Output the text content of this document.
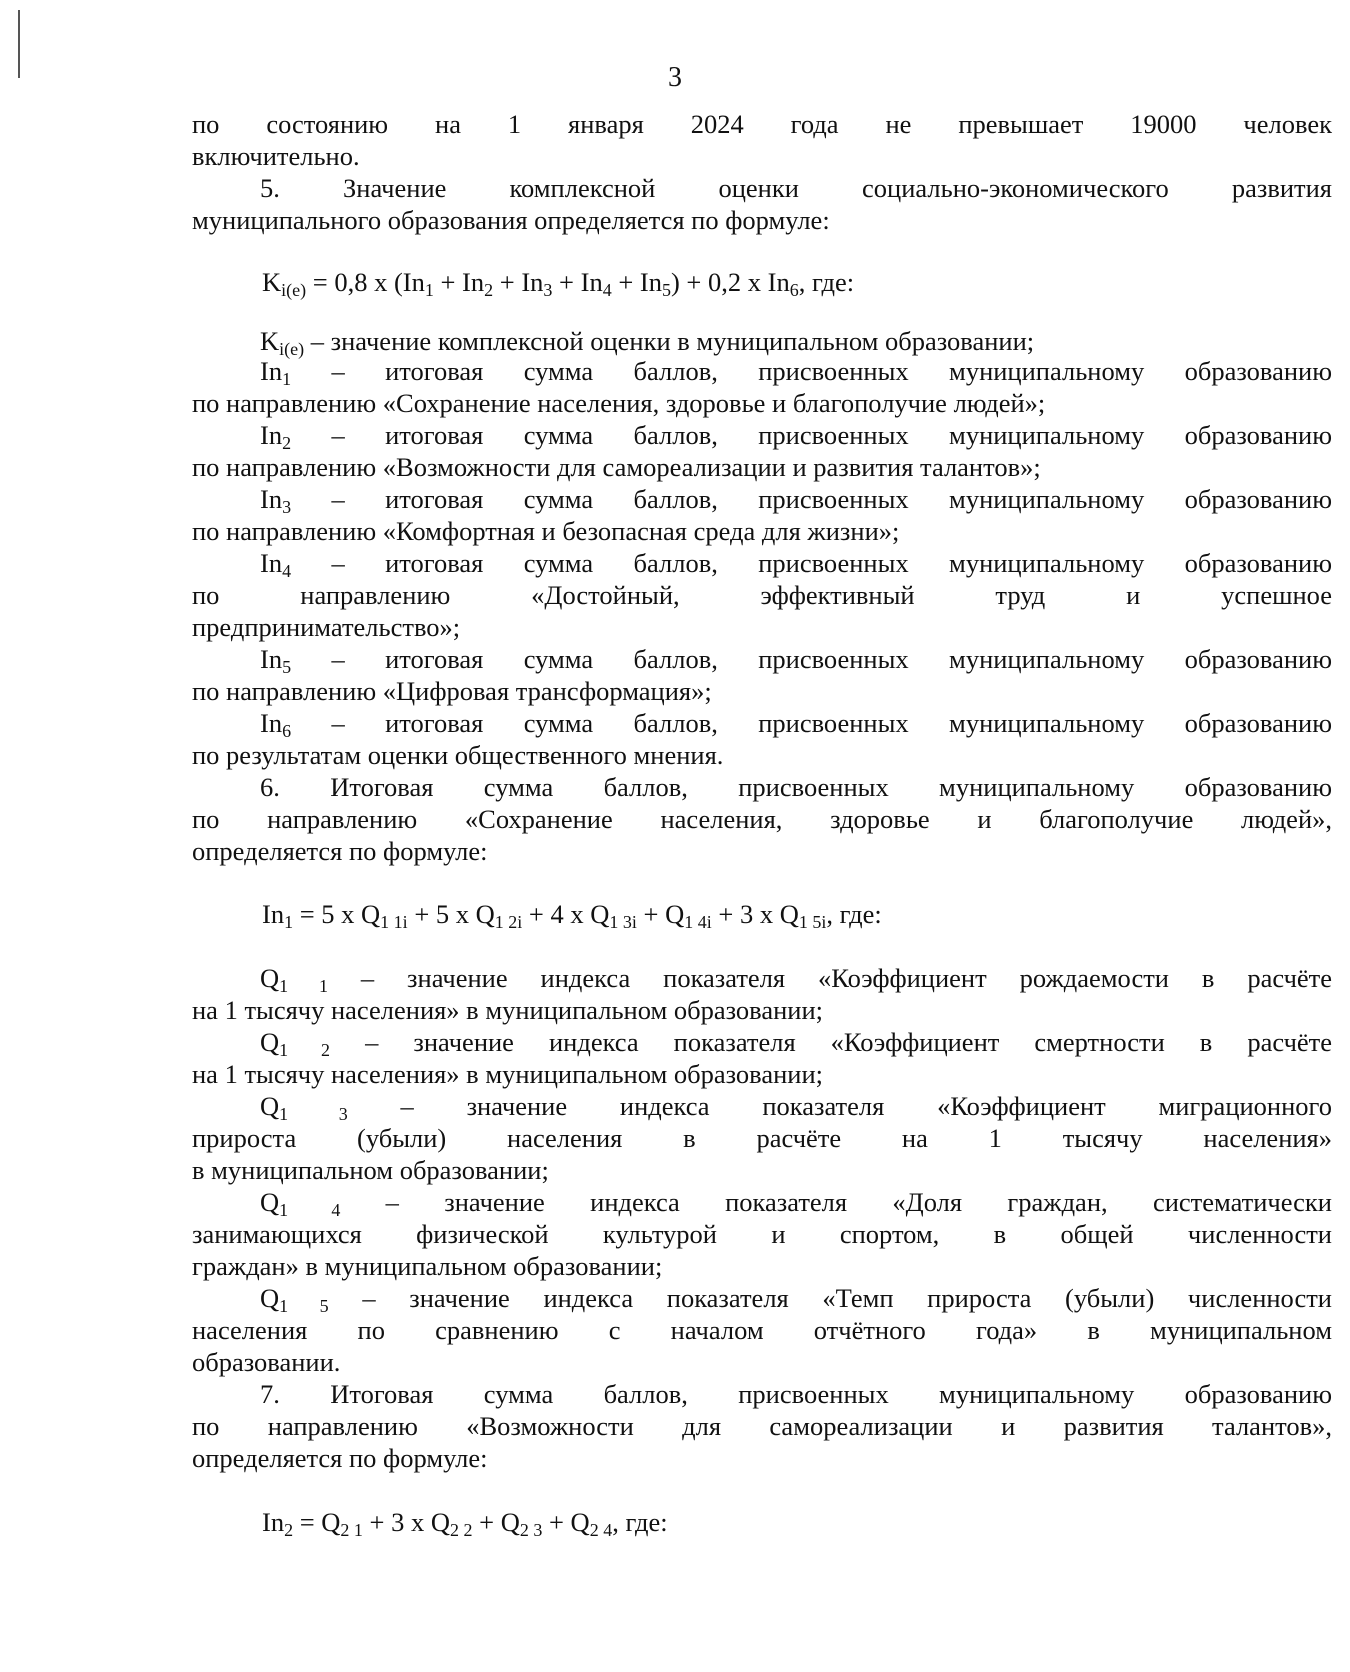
3
по состоянию на 1 января 2024 года не превышает 19000 человек
включительно.
5. Значение комплексной оценки социально-экономического развития
муниципального образования определяется по формуле:
$K_{i(e)} = 0,8$ x $(In_1 + In_2 + In_3 + In_4 + In_5) + 0,2$ x $In_6$, где:
$K_{i(e)}$ – значение комплексной оценки в муниципальном образовании;
$In_1$ – итоговая сумма баллов, присвоенных муниципальному образованию
по направлению «Сохранение населения, здоровье и благополучие людей»;
$In_2$ – итоговая сумма баллов, присвоенных муниципальному образованию
по направлению «Возможности для самореализации и развития талантов»;
$In_3$ – итоговая сумма баллов, присвоенных муниципальному образованию
по направлению «Комфортная и безопасная среда для жизни»;
$In_4$ – итоговая сумма баллов, присвоенных муниципальному образованию
по направлению «Достойный, эффективный труд и успешное
предпринимательство»;
$In_5$ – итоговая сумма баллов, присвоенных муниципальному образованию
по направлению «Цифровая трансформация»;
$In_6$ – итоговая сумма баллов, присвоенных муниципальному образованию
по результатам оценки общественного мнения.
6. Итоговая сумма баллов, присвоенных муниципальному образованию
по направлению «Сохранение населения, здоровье и благополучие людей»,
определяется по формуле:
$In_1 = 5$ x $Q_{1 1i} + 5$ x $Q_{1 2i} + 4$ x $Q_{1 3i} + Q_{1 4i} + 3$ x $Q_{1 5i}$, где:
$Q_{1 1}$ – значение индекса показателя «Коэффициент рождаемости в расчёте
на 1 тысячу населения» в муниципальном образовании;
$Q_{1 2}$ – значение индекса показателя «Коэффициент смертности в расчёте
на 1 тысячу населения» в муниципальном образовании;
$Q_{1 3}$ – значение индекса показателя «Коэффициент миграционного
прироста (убыли) населения в расчёте на 1 тысячу населения»
в муниципальном образовании;
$Q_{1 4}$ – значение индекса показателя «Доля граждан, систематически
занимающихся физической культурой и спортом, в общей численности
граждан» в муниципальном образовании;
$Q_{1 5}$ – значение индекса показателя «Темп прироста (убыли) численности
населения по сравнению с началом отчётного года» в муниципальном
образовании.
7. Итоговая сумма баллов, присвоенных муниципальному образованию
по направлению «Возможности для самореализации и развития талантов»,
определяется по формуле:
$In_2 = Q_{2 1} + 3$ x $Q_{2 2} + Q_{2 3} + Q_{2 4}$, где:
